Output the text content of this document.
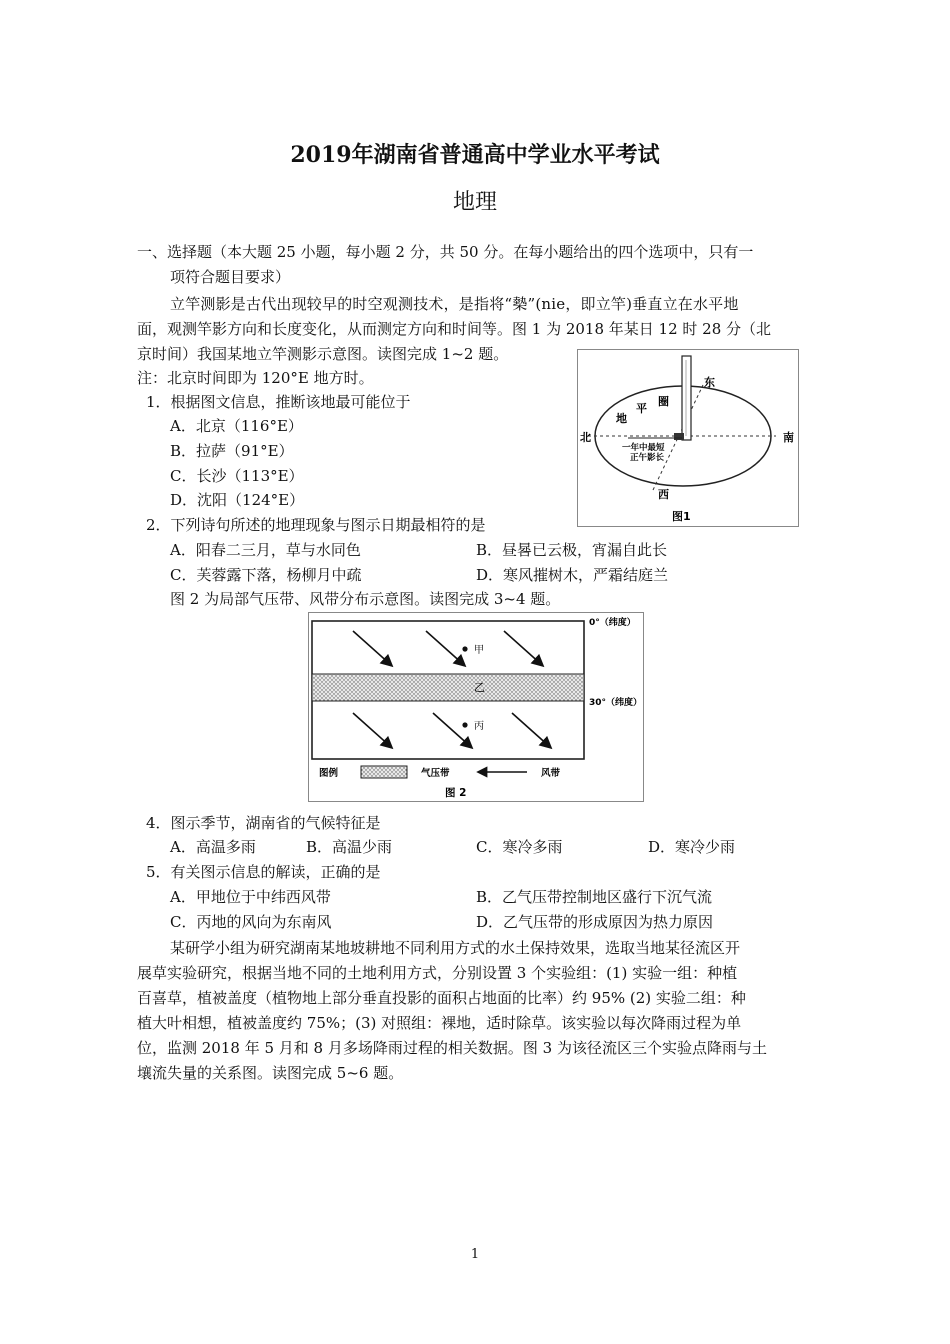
2019年湖南省普通高中学业水平考试
地理
一、选择题（本大题 25 小题，每小题 2 分，共 50 分。在每小题给出的四个选项中，只有一
项符合题目要求）
立竿测影是古代出现较早的时空观测技术，是指将“槷”(nie，即立竿)垂直立在水平地
面，观测竿影方向和长度变化，从而测定方向和时间等。图 1 为 2018 年某日 12 时 28 分（北
京时间）我国某地立竿测影示意图。读图完成 1~2 题。
注：北京时间即为 120°E 地方时。
1．根据图文信息，推断该地最可能位于
A．北京（116°E）
B．拉萨（91°E）
C．长沙（113°E）
D．沈阳（124°E）
2．下列诗句所述的地理现象与图示日期最相符的是
A．阳春二三月，草与水同色	B．昼晷已云极，宵漏自此长
C．芙蓉露下落，杨柳月中疏	D．寒风摧树木，严霜结庭兰
图 2 为局部气压带、风带分布示意图。读图完成 3~4 题。
北	南
东
西
地
平
圈
一年中最短
正午影长
图1
甲
乙
丙
0°（纬度）
30°（纬度）
图例	气压带	风带
图 2
4．图示季节，湖南省的气候特征是
A．高温多雨	B．高温少雨	C．寒冷多雨	D．寒冷少雨
5．有关图示信息的解读，正确的是
A．甲地位于中纬西风带	B．乙气压带控制地区盛行下沉气流
C．丙地的风向为东南风	D．乙气压带的形成原因为热力原因
某研学小组为研究湖南某地坡耕地不同利用方式的水土保持效果，选取当地某径流区开
展草实验研究，根据当地不同的土地利用方式，分别设置 3 个实验组：(1) 实验一组：种植
百喜草，植被盖度（植物地上部分垂直投影的面积占地面的比率）约 95% (2) 实验二组：种
植大叶相想，植被盖度约 75%；(3) 对照组：裸地，适时除草。该实验以每次降雨过程为单
位，监测 2018 年 5 月和 8 月多场降雨过程的相关数据。图 3 为该径流区三个实验点降雨与土
壤流失量的关系图。读图完成 5~6 题。
1
